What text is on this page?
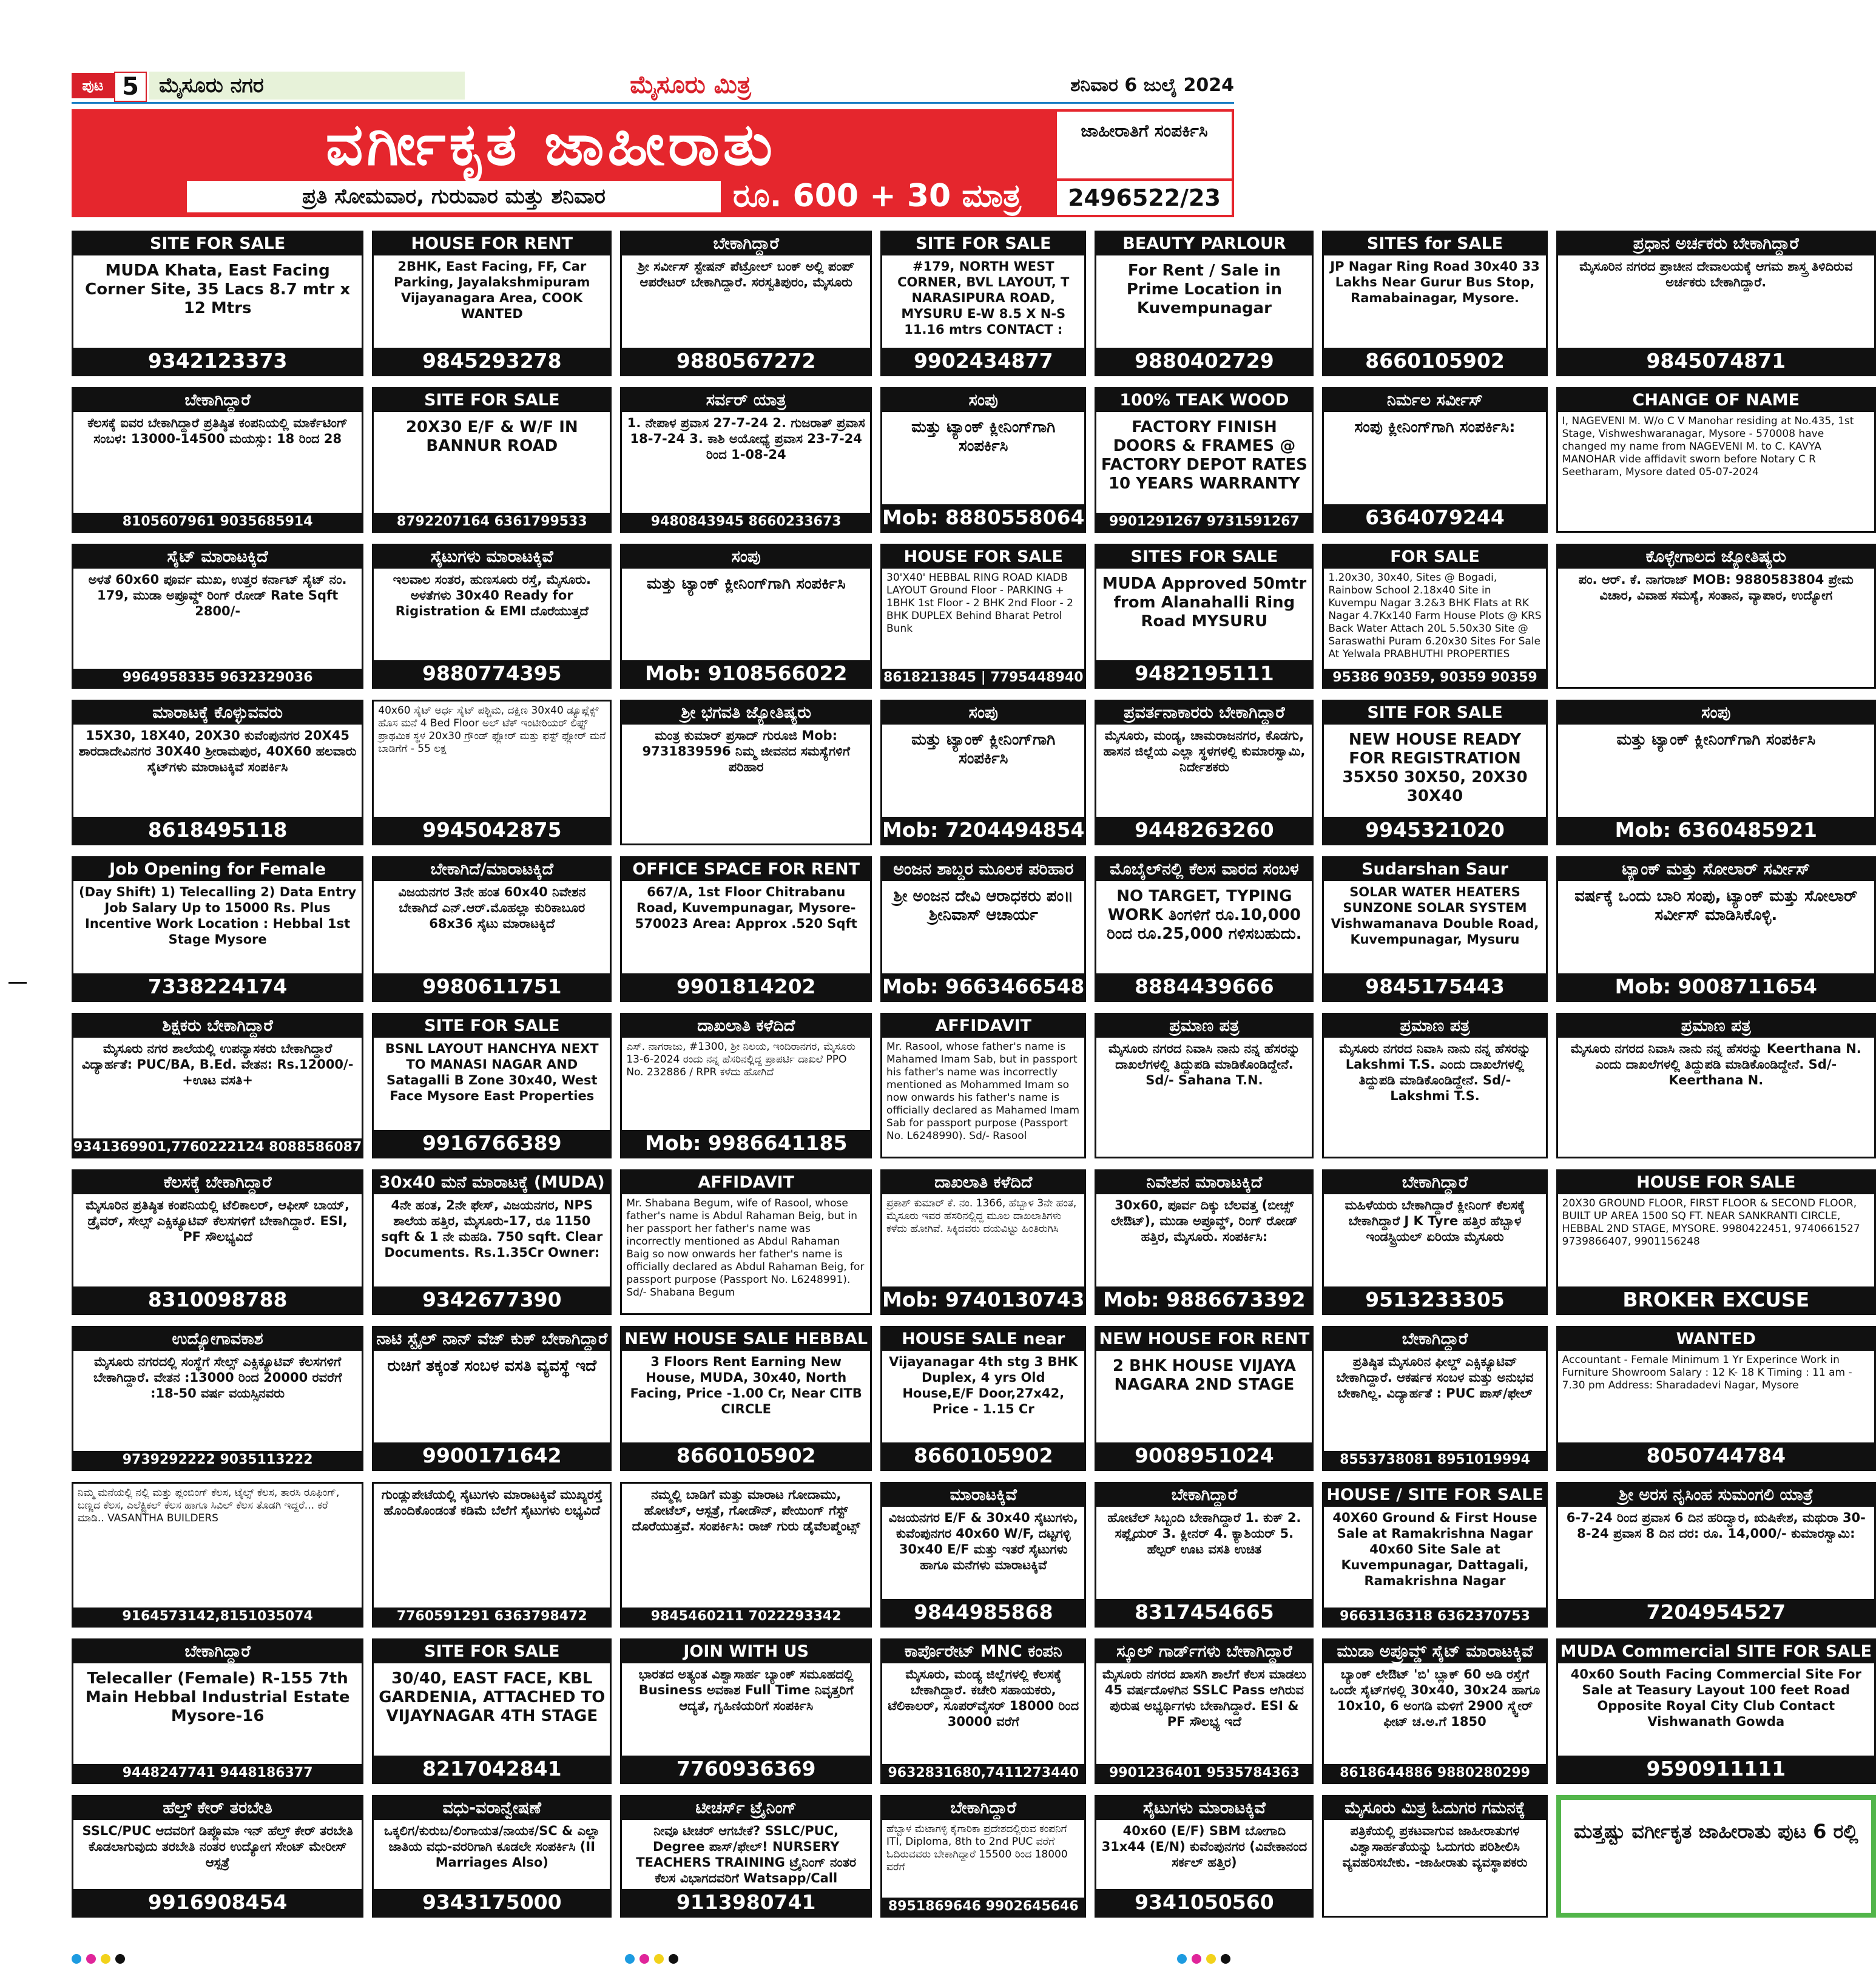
ಪುಟ 5 ಮೈಸೂರು ನಗರ	ಮೈಸೂರು ಮಿತ್ರ	ಶನಿವಾರ 6 ಜುಲೈ 2024
ವರ್ಗೀಕೃತ ಜಾಹೀರಾತು
ಪ್ರತಿ ಸೋಮವಾರ, ಗುರುವಾರ ಮತ್ತು ಶನಿವಾರ	ರೂ. 600 + 30 ಮಾತ್ರ
ಜಾಹೀರಾತಿಗೆ ಸಂಪರ್ಕಿಸಿ
2496522/23
SITE FOR SALE
MUDA Khata, East Facing Corner Site, 35 Lacs 8.7 mtr x 12 Mtrs
9342123373
HOUSE FOR RENT
2BHK, East Facing, FF, Car Parking, Jayalakshmipuram Vijayanagara Area, COOK WANTED
9845293278
ಬೇಕಾಗಿದ್ದಾರೆ
ಶ್ರೀ ಸರ್ವೀಸ್ ಸ್ಟೇಷನ್ ಪೆಟ್ರೋಲ್ ಬಂಕ್ ಅಲ್ಲಿ ಪಂಪ್ ಆಪರೇಟರ್ ಬೇಕಾಗಿದ್ದಾರೆ. ಸರಸ್ವತಿಪುರಂ, ಮೈಸೂರು
9880567272
SITE FOR SALE
#179, NORTH WEST CORNER, BVL LAYOUT, T NARASIPURA ROAD, MYSURU E-W 8.5 X N-S 11.16 mtrs CONTACT :
9902434877
BEAUTY PARLOUR
For Rent / Sale in Prime Location in Kuvempunagar
9880402729
SITES for SALE
JP Nagar Ring Road 30x40 33 Lakhs Near Gurur Bus Stop, Ramabainagar, Mysore.
8660105902
ಪ್ರಧಾನ ಅರ್ಚಕರು ಬೇಕಾಗಿದ್ದಾರೆ
ಮೈಸೂರಿನ ನಗರದ ಪ್ರಾಚೀನ ದೇವಾಲಯಕ್ಕೆ ಆಗಮ ಶಾಸ್ತ್ರ ತಿಳಿದಿರುವ ಅರ್ಚಕರು ಬೇಕಾಗಿದ್ದಾರೆ.
9845074871
ಬೇಕಾಗಿದ್ದಾರೆ
ಕೆಲಸಕ್ಕೆ ಐವರ ಬೇಕಾಗಿದ್ದಾರೆ ಪ್ರತಿಷ್ಠಿತ ಕಂಪನಿಯಲ್ಲಿ ಮಾರ್ಕೆಟಿಂಗ್ ಸಂಬಳ: 13000-14500 ಮಯಸ್ಸು: 18 ರಿಂದ 28
8105607961 9035685914
SITE FOR SALE
20X30 E/F & W/F IN BANNUR ROAD
8792207164 6361799533
ಸರ್ವರ್ ಯಾತ್ರ
1. ನೇಪಾಳ ಪ್ರವಾಸ 27-7-24 2. ಗುಜರಾತ್ ಪ್ರವಾಸ 18-7-24 3. ಕಾಶಿ ಅಯೋಧ್ಯೆ ಪ್ರವಾಸ 23-7-24 ರಿಂದ 1-08-24
9480843945 8660233673
ಸಂಪು
ಮತ್ತು ಟ್ಯಾಂಕ್ ಕ್ಲೀನಿಂಗ್‌ಗಾಗಿ ಸಂಪರ್ಕಿಸಿ
Mob: 8880558064
100% TEAK WOOD
FACTORY FINISH DOORS & FRAMES @ FACTORY DEPOT RATES 10 YEARS WARRANTY
9901291267 9731591267
ನಿರ್ಮಲ ಸರ್ವೀಸ್
ಸಂಪು ಕ್ಲೀನಿಂಗ್‌ಗಾಗಿ ಸಂಪರ್ಕಿಸಿ:
6364079244
CHANGE OF NAME
I, NAGEVENI M. W/o C V Manohar residing at No.435, 1st Stage, Vishweshwaranagar, Mysore - 570008 have changed my name from NAGEVENI M. to C. KAVYA MANOHAR vide affidavit sworn before Notary C R Seetharam, Mysore dated 05-07-2024
ಸೈಟ್ ಮಾರಾಟಕ್ಕಿದೆ
ಅಳತೆ 60x60 ಪೂರ್ವ ಮುಖ, ಉತ್ತರ ಕರ್ನಾಟ್ ಸೈಟ್ ನಂ. 179, ಮುಡಾ ಅಪ್ರೂವ್ಡ್ ರಿಂಗ್ ರೋಡ್ Rate Sqft 2800/-
9964958335 9632329036
ಸೈಟುಗಳು ಮಾರಾಟಕ್ಕಿವೆ
ಇಲವಾಲ ಸಂತರ, ಹುಣಸೂರು ರಸ್ತೆ, ಮೈಸೂರು. ಅಳತೆಗಳು 30x40 Ready for Rigistration & EMI ದೊರೆಯುತ್ತದೆ
9880774395
ಸಂಪು
ಮತ್ತು ಟ್ಯಾಂಕ್ ಕ್ಲೀನಿಂಗ್‌ಗಾಗಿ ಸಂಪರ್ಕಿಸಿ
Mob: 9108566022
HOUSE FOR SALE
30'X40' HEBBAL RING ROAD KIADB LAYOUT Ground Floor - PARKING + 1BHK 1st Floor - 2 BHK 2nd Floor - 2 BHK DUPLEX Behind Bharat Petrol Bunk
8618213845 | 7795448940
SITES FOR SALE
MUDA Approved 50mtr from Alanahalli Ring Road MYSURU
9482195111
FOR SALE
1.20x30, 30x40, Sites @ Bogadi, Rainbow School 2.18x40 Site in Kuvempu Nagar 3.2&3 BHK Flats at RK Nagar 4.7Kx140 Farm House Plots @ KRS Back Water Attach 20L 5.50x30 Site @ Saraswathi Puram 6.20x30 Sites For Sale At Yelwala PRABHUTHI PROPERTIES
95386 90359, 90359 90359
ಕೊಳ್ಳೇಗಾಲದ ಜ್ಯೋತಿಷ್ಯರು
ಪಂ. ಆರ್. ಕೆ. ನಾಗರಾಜ್ MOB: 9880583804 ಪ್ರೇಮ ವಿಚಾರ, ವಿವಾಹ ಸಮಸ್ಯೆ, ಸಂತಾನ, ವ್ಯಾಪಾರ, ಉದ್ಯೋಗ
ಮಾರಾಟಕ್ಕೆ ಕೊಳ್ಳುವವರು
15X30, 18X40, 20X30 ಕುವೆಂಪುನಗರ 20X45 ಶಾರದಾದೇವಿನಗರ 30X40 ಶ್ರೀರಾಮಪುರ, 40X60 ಹಲವಾರು ಸೈಟ್‌ಗಳು ಮಾರಾಟಕ್ಕಿವೆ ಸಂಪರ್ಕಿಸಿ
8618495118
40x60 ಸೈಟ್ ಅರ್ಧ ಸೈಟ್ ಪಶ್ಚಿಮ, ದಕ್ಷಿಣ 30x40 ಡ್ಯೂಪ್ಲೆಕ್ಸ್ ಹೊಸ ಮನೆ 4 Bed Floor ಅಲ್ ಟೆಕ್ ಇಂಟೀರಿಯರ್ ಲಿಫ್ಟ್ ಪ್ರಾಥಮಿಕ ಸ್ಥಳ 20x30 ಗ್ರೌಂಡ್ ಫ್ಲೋರ್ ಮತ್ತು ಫಸ್ಟ್ ಫ್ಲೋರ್ ಮನೆ ಬಾಡಿಗೆಗೆ - 55 ಲಕ್ಷ
9945042875
ಶ್ರೀ ಭಗವತಿ ಜ್ಯೋತಿಷ್ಯರು
ಮಂತ್ರ ಕುಮಾರ್ ಪ್ರಸಾದ್ ಗುರೂಜಿ Mob: 9731839596 ನಿಮ್ಮ ಜೀವನದ ಸಮಸ್ಯೆಗಳಿಗೆ ಪರಿಹಾರ
ಸಂಪು
ಮತ್ತು ಟ್ಯಾಂಕ್ ಕ್ಲೀನಿಂಗ್‌ಗಾಗಿ ಸಂಪರ್ಕಿಸಿ
Mob: 7204494854
ಪ್ರವರ್ತನಾಕಾರರು ಬೇಕಾಗಿದ್ದಾರೆ
ಮೈಸೂರು, ಮಂಡ್ಯ, ಚಾಮರಾಜನಗರ, ಕೊಡಗು, ಹಾಸನ ಜಿಲ್ಲೆಯ ಎಲ್ಲಾ ಸ್ಥಳಗಳಲ್ಲಿ ಕುಮಾರಸ್ವಾಮಿ, ನಿರ್ದೇಶಕರು
9448263260
SITE FOR SALE
NEW HOUSE READY FOR REGISTRATION 35X50 30X50, 20X30 30X40
9945321020
ಸಂಪು
ಮತ್ತು ಟ್ಯಾಂಕ್ ಕ್ಲೀನಿಂಗ್‌ಗಾಗಿ ಸಂಪರ್ಕಿಸಿ
Mob: 6360485921
Job Opening for Female
(Day Shift) 1) Telecalling 2) Data Entry Job Salary Up to 15000 Rs. Plus Incentive Work Location : Hebbal 1st Stage Mysore
7338224174
ಬೇಕಾಗಿದೆ/ಮಾರಾಟಕ್ಕಿದೆ
ವಿಜಯನಗರ 3ನೇ ಹಂತ 60x40 ನಿವೇಶನ ಬೇಕಾಗಿದೆ ಎನ್.ಆರ್.ಮೊಹಲ್ಲಾ ಕುರಿಕಾಬೂರ 68x36 ಸೈಟು ಮಾರಾಟಕ್ಕಿದೆ
9980611751
OFFICE SPACE FOR RENT
667/A, 1st Floor Chitrabanu Road, Kuvempunagar, Mysore-570023 Area: Approx .520 Sqft
9901814202
ಅಂಜನ ಶಾಬ್ದರ ಮೂಲಕ ಪರಿಹಾರ
ಶ್ರೀ ಅಂಜನ ದೇವಿ ಆರಾಧಕರು ಪಂ॥ ಶ್ರೀನಿವಾಸ್ ಆಚಾರ್ಯ
Mob: 9663466548
ಮೊಬೈಲ್‌ನಲ್ಲಿ ಕೆಲಸ ವಾರದ ಸಂಬಳ
NO TARGET, TYPING WORK ತಿಂಗಳಿಗೆ ರೂ.10,000 ರಿಂದ ರೂ.25,000 ಗಳಿಸಬಹುದು.
8884439666
Sudarshan Saur
SOLAR WATER HEATERS SUNZONE SOLAR SYSTEM Vishwamanava Double Road, Kuvempunagar, Mysuru
9845175443
ಟ್ಯಾಂಕ್ ಮತ್ತು ಸೋಲಾರ್ ಸರ್ವೀಸ್
ವರ್ಷಕ್ಕೆ ಒಂದು ಬಾರಿ ಸಂಪು, ಟ್ಯಾಂಕ್ ಮತ್ತು ಸೋಲಾರ್ ಸರ್ವೀಸ್ ಮಾಡಿಸಿಕೊಳ್ಳಿ.
Mob: 9008711654
ಶಿಕ್ಷಕರು ಬೇಕಾಗಿದ್ದಾರೆ
ಮೈಸೂರು ನಗರ ಶಾಲೆಯಲ್ಲಿ ಉಪನ್ಯಾಸಕರು ಬೇಕಾಗಿದ್ದಾರೆ ವಿದ್ಯಾರ್ಹತೆ: PUC/BA, B.Ed. ವೇತನ: Rs.12000/- +ಊಟ ವಸತಿ+
9341369901,7760222124 8088586087
SITE FOR SALE
BSNL LAYOUT HANCHYA NEXT TO MANASI NAGAR AND Satagalli B Zone 30x40, West Face Mysore East Properties
9916766389
ದಾಖಲಾತಿ ಕಳೆದಿದೆ
ಎಸ್. ನಾಗರಾಜು, #1300, ಶ್ರೀ ನಿಲಯ, ಇಂದಿರಾನಗರ, ಮೈಸೂರು 13-6-2024 ರಂದು ನನ್ನ ಹೆಸರಿನಲ್ಲಿದ್ದ ಪ್ರಾಪರ್ಟಿ ದಾಖಲೆ PPO No. 232886 / RPR ಕಳೆದು ಹೋಗಿದೆ
Mob: 9986641185
AFFIDAVIT
Mr. Rasool, whose father's name is Mahamed Imam Sab, but in passport his father's name was incorrectly mentioned as Mohammed Imam so now onwards his father's name is officially declared as Mahamed Imam Sab for passport purpose (Passport No. L6248990). Sd/- Rasool
ಪ್ರಮಾಣ ಪತ್ರ
ಮೈಸೂರು ನಗರದ ನಿವಾಸಿ ನಾನು ನನ್ನ ಹೆಸರನ್ನು ದಾಖಲೆಗಳಲ್ಲಿ ತಿದ್ದುಪಡಿ ಮಾಡಿಕೊಂಡಿದ್ದೇನೆ. Sd/- Sahana T.N.
ಪ್ರಮಾಣ ಪತ್ರ
ಮೈಸೂರು ನಗರದ ನಿವಾಸಿ ನಾನು ನನ್ನ ಹೆಸರನ್ನು Lakshmi T.S. ಎಂದು ದಾಖಲೆಗಳಲ್ಲಿ ತಿದ್ದುಪಡಿ ಮಾಡಿಕೊಂಡಿದ್ದೇನೆ. Sd/- Lakshmi T.S.
ಪ್ರಮಾಣ ಪತ್ರ
ಮೈಸೂರು ನಗರದ ನಿವಾಸಿ ನಾನು ನನ್ನ ಹೆಸರನ್ನು Keerthana N. ಎಂದು ದಾಖಲೆಗಳಲ್ಲಿ ತಿದ್ದುಪಡಿ ಮಾಡಿಕೊಂಡಿದ್ದೇನೆ. Sd/- Keerthana N.
ಕೆಲಸಕ್ಕೆ ಬೇಕಾಗಿದ್ದಾರೆ
ಮೈಸೂರಿನ ಪ್ರತಿಷ್ಠಿತ ಕಂಪನಿಯಲ್ಲಿ ಟೆಲಿಕಾಲರ್, ಆಫೀಸ್ ಬಾಯ್, ಡ್ರೈವರ್, ಸೇಲ್ಸ್ ಎಕ್ಸಿಕ್ಯೂಟಿವ್ ಕೆಲಸಗಳಿಗೆ ಬೇಕಾಗಿದ್ದಾರೆ. ESI, PF ಸೌಲಭ್ಯವಿದೆ
8310098788
30x40 ಮನೆ ಮಾರಾಟಕ್ಕೆ (MUDA)
4ನೇ ಹಂತ, 2ನೇ ಫೇಸ್, ವಿಜಯನಗರ, NPS ಶಾಲೆಯ ಹತ್ತಿರ, ಮೈಸೂರು-17, ರೂ 1150 sqft & 1 ನೇ ಮಹಡಿ. 750 sqft. Clear Documents. Rs.1.35Cr Owner:
9342677390
AFFIDAVIT
Mr. Shabana Begum, wife of Rasool, whose father's name is Abdul Rahaman Beig, but in her passport her father's name was incorrectly mentioned as Abdul Rahaman Baig so now onwards her father's name is officially declared as Abdul Rahaman Beig, for passport purpose (Passport No. L6248991). Sd/- Shabana Begum
ದಾಖಲಾತಿ ಕಳೆದಿದೆ
ಪ್ರಕಾಶ್ ಕುಮಾರ್ ಕೆ. ನಂ. 1366, ಹೆಬ್ಬಾಳ 3ನೇ ಹಂತ, ಮೈಸೂರು ಇವರ ಹೆಸರಿನಲ್ಲಿದ್ದ ಮೂಲ ದಾಖಲಾತಿಗಳು ಕಳೆದು ಹೋಗಿವೆ. ಸಿಕ್ಕಿದವರು ದಯವಿಟ್ಟು ಹಿಂತಿರುಗಿಸಿ
Mob: 9740130743
ನಿವೇಶನ ಮಾರಾಟಕ್ಕಿದೆ
30x60, ಪೂರ್ವ ದಿಕ್ಕು ಬೆಲವತ್ತ (ಬೀಚ್ಸ್ ಲೇಔಟ್), ಮುಡಾ ಅಪ್ರೂವ್ಡ್, ರಿಂಗ್ ರೋಡ್ ಹತ್ತಿರ, ಮೈಸೂರು. ಸಂಪರ್ಕಿಸಿ:
Mob: 9886673392
ಬೇಕಾಗಿದ್ದಾರೆ
ಮಹಿಳೆಯರು ಬೇಕಾಗಿದ್ದಾರೆ ಕ್ಲೀನಿಂಗ್ ಕೆಲಸಕ್ಕೆ ಬೇಕಾಗಿದ್ದಾರೆ J K Tyre ಹತ್ತಿರ ಹೆಬ್ಬಾಳ ಇಂಡಸ್ಟ್ರಿಯಲ್ ಏರಿಯಾ ಮೈಸೂರು
9513233305
HOUSE FOR SALE
20X30 GROUND FLOOR, FIRST FLOOR & SECOND FLOOR, BUILT UP AREA 1500 SQ FT. NEAR SANKRANTI CIRCLE, HEBBAL 2ND STAGE, MYSORE. 9980422451, 9740661527 9739866407, 9901156248
BROKER EXCUSE
ಉದ್ಯೋಗಾವಕಾಶ
ಮೈಸೂರು ನಗರದಲ್ಲಿ ಸಂಸ್ಥೆಗೆ ಸೇಲ್ಸ್ ಎಕ್ಸಿಕ್ಯೂಟಿವ್ ಕೆಲಸಗಳಿಗೆ ಬೇಕಾಗಿದ್ದಾರೆ. ವೇತನ :13000 ರಿಂದ 20000 ರವರೆಗೆ :18-50 ವರ್ಷ ವಯಸ್ಸಿನವರು
9739292222 9035113222
ನಾಟಿ ಸ್ಟೈಲ್ ನಾನ್ ವೆಜ್ ಕುಕ್ ಬೇಕಾಗಿದ್ದಾರೆ
ರುಚಿಗೆ ತಕ್ಕಂತೆ ಸಂಬಳ ವಸತಿ ವ್ಯವಸ್ಥೆ ಇದೆ
9900171642
NEW HOUSE SALE HEBBAL
3 Floors Rent Earning New House, MUDA, 30x40, North Facing, Price -1.00 Cr, Near CITB CIRCLE
8660105902
HOUSE SALE near
Vijayanagar 4th stg 3 BHK Duplex, 4 yrs Old House,E/F Door,27x42, Price - 1.15 Cr
8660105902
NEW HOUSE FOR RENT
2 BHK HOUSE VIJAYA NAGARA 2ND STAGE
9008951024
ಬೇಕಾಗಿದ್ದಾರೆ
ಪ್ರತಿಷ್ಠಿತ ಮೈಸೂರಿನ ಫೀಲ್ಡ್ ಎಕ್ಸಿಕ್ಯೂಟಿವ್ ಬೇಕಾಗಿದ್ದಾರೆ. ಆಕರ್ಷಕ ಸಂಬಳ ಮತ್ತು ಅನುಭವ ಬೇಕಾಗಿಲ್ಲ. ವಿದ್ಯಾರ್ಹತೆ : PUC ಪಾಸ್/ಫೇಲ್
8553738081 8951019994
WANTED
Accountant - Female Minimum 1 Yr Experince Work in Furniture Showroom Salary : 12 K- 18 K Timing : 11 am - 7.30 pm Address: Sharadadevi Nagar, Mysore
8050744784
ನಿಮ್ಮ ಮನೆಯಲ್ಲಿ ನಲ್ಲಿ ಮತ್ತು ಪ್ಲಂಬಿಂಗ್ ಕೆಲಸ, ಟೈಲ್ಸ್ ಕೆಲಸ, ತಾರಸಿ ರೂಫಿಂಗ್, ಬಣ್ಣದ ಕೆಲಸ, ಎಲೆಕ್ಟ್ರಿಕಲ್ ಕೆಲಸ ಹಾಗೂ ಸಿವಿಲ್ ಕೆಲಸ ತೊಡಗಿ ಇದ್ದರೆ... ಕರೆ ಮಾಡಿ.. VASANTHA BUILDERS
9164573142,8151035074
ಗುಂಡ್ಲುಪೇಟೆಯಲ್ಲಿ ಸೈಟುಗಳು ಮಾರಾಟಕ್ಕಿವೆ ಮುಖ್ಯರಸ್ತೆ ಹೊಂದಿಕೊಂಡಂತೆ ಕಡಿಮೆ ಬೆಲೆಗೆ ಸೈಟುಗಳು ಲಭ್ಯವಿದೆ
7760591291 6363798472
ನಮ್ಮಲ್ಲಿ ಬಾಡಿಗೆ ಮತ್ತು ಮಾರಾಟ ಗೋದಾಮು, ಹೋಟೆಲ್, ಆಸ್ಪತ್ರೆ, ಗೋಡೌನ್, ಪೇಯಿಂಗ್ ಗೆಸ್ಟ್ ದೊರೆಯುತ್ತವೆ. ಸಂಪರ್ಕಿಸಿ: ರಾಜ್ ಗುರು ಡೈವೆಲಪ್ಮೆಂಟ್ಸ್
9845460211 7022293342
ಮಾರಾಟಕ್ಕಿವೆ
ವಿಜಯನಗರ E/F & 30x40 ಸೈಟುಗಳು, ಕುವೆಂಪುನಗರ 40x60 W/F, ದಟ್ಟಗಳ್ಳಿ 30x40 E/F ಮತ್ತು ಇತರೆ ಸೈಟುಗಳು ಹಾಗೂ ಮನೆಗಳು ಮಾರಾಟಕ್ಕಿವೆ
9844985868
ಬೇಕಾಗಿದ್ದಾರೆ
ಹೋಟೆಲ್ ಸಿಬ್ಬಂದಿ ಬೇಕಾಗಿದ್ದಾರೆ 1. ಕುಕ್ 2. ಸಪ್ಲೈಯರ್ 3. ಕ್ಲೀನರ್ 4. ಕ್ಯಾಶಿಯರ್ 5. ಹೆಲ್ಪರ್ ಊಟ ವಸತಿ ಉಚಿತ
8317454665
HOUSE / SITE FOR SALE
40X60 Ground & First House Sale at Ramakrishna Nagar 40x60 Site Sale at Kuvempunagar, Dattagali, Ramakrishna Nagar
9663136318 6362370753
ಶ್ರೀ ಅರಸ ನೃಸಿಂಹ ಸುಮಂಗಲಿ ಯಾತ್ರೆ
6-7-24 ರಿಂದ ಪ್ರವಾಸ 6 ದಿನ ಹರಿದ್ವಾರ, ಋಷಿಕೇಶ, ಮಥುರಾ 30-8-24 ಪ್ರವಾಸ 8 ದಿನ ದರ: ರೂ. 14,000/- ಕುಮಾರಸ್ವಾಮಿ:
7204954527
ಬೇಕಾಗಿದ್ದಾರೆ
Telecaller (Female) R-155 7th Main Hebbal Industrial Estate Mysore-16
9448247741 9448186377
SITE FOR SALE
30/40, EAST FACE, KBL GARDENIA, ATTACHED TO VIJAYNAGAR 4TH STAGE
8217042841
JOIN WITH US
ಭಾರತದ ಅತ್ಯಂತ ವಿಶ್ವಾಸಾರ್ಹ ಬ್ಯಾಂಕ್ ಸಮೂಹದಲ್ಲಿ Business ಅವಕಾಶ Full Time ನಿವೃತ್ತರಿಗೆ ಆದ್ಯತೆ, ಗೃಹಿಣಿಯರಿಗೆ ಸಂಪರ್ಕಿಸಿ
7760936369
ಕಾರ್ಪೊರೇಟ್ MNC ಕಂಪನಿ
ಮೈಸೂರು, ಮಂಡ್ಯ ಜಿಲ್ಲೆಗಳಲ್ಲಿ ಕೆಲಸಕ್ಕೆ ಬೇಕಾಗಿದ್ದಾರೆ. ಕಚೇರಿ ಸಹಾಯಕರು, ಟೆಲಿಕಾಲರ್, ಸೂಪರ್‌ವೈಸರ್ 18000 ರಿಂದ 30000 ವರೆಗೆ
9632831680,7411273440
ಸ್ಕೂಲ್ ಗಾರ್ಡ್‌ಗಳು ಬೇಕಾಗಿದ್ದಾರೆ
ಮೈಸೂರು ನಗರದ ಖಾಸಗಿ ಶಾಲೆಗೆ ಕೆಲಸ ಮಾಡಲು 45 ವರ್ಷದೊಳಗಿನ SSLC Pass ಆಗಿರುವ ಪುರುಷ ಅಭ್ಯರ್ಥಿಗಳು ಬೇಕಾಗಿದ್ದಾರೆ. ESI & PF ಸೌಲಭ್ಯ ಇದೆ
9901236401 9535784363
ಮುಡಾ ಅಪ್ರೂವ್ಡ್ ಸೈಟ್ ಮಾರಾಟಕ್ಕಿವೆ
ಬ್ಯಾಂಕ್ ಲೇಔಟ್ 'ಬಿ' ಬ್ಲಾಕ್ 60 ಅಡಿ ರಸ್ತೆಗೆ ಒಂದೇ ಸೈಟ್‌ಗಳಲ್ಲಿ 30x40, 30x24 ಹಾಗೂ 10x10, 6 ಅಂಗಡಿ ಮಳಿಗೆ 2900 ಸ್ಕ್ವೇರ್ ಫೀಟ್ ಚ.ಅ.ಗೆ 1850
8618644886 9880280299
MUDA Commercial SITE FOR SALE
40x60 South Facing Commercial Site For Sale at Teasury Layout 100 feet Road Opposite Royal City Club Contact Vishwanath Gowda
9590911111
ಹೆಲ್ತ್ ಕೇರ್ ತರಬೇತಿ
SSLC/PUC ಆದವರಿಗೆ ಡಿಪ್ಲೊಮಾ ಇನ್ ಹೆಲ್ತ್ ಕೇರ್ ತರಬೇತಿ ಕೊಡಲಾಗುವುದು ತರಬೇತಿ ನಂತರ ಉದ್ಯೋಗ ಸೇಂಟ್ ಮೇರೀಸ್ ಆಸ್ಪತ್ರೆ
9916908454
ವಧು-ವರಾನ್ವೇಷಣೆ
ಒಕ್ಕಲಿಗ/ಕುರುಬ/ಲಿಂಗಾಯತ/ನಾಯಕ/SC & ಎಲ್ಲಾ ಜಾತಿಯ ವಧು-ವರರಿಗಾಗಿ ಕೂಡಲೇ ಸಂಪರ್ಕಿಸಿ (II Marriages Also)
9343175000
ಟೀಚರ್ಸ್ ಟ್ರೈನಿಂಗ್
ನೀವೂ ಟೀಚರ್ ಆಗಬೇಕೆ? SSLC/PUC, Degree ಪಾಸ್/ಫೇಲ್! NURSERY TEACHERS TRAINING ಟ್ರೈನಿಂಗ್ ನಂತರ ಕೆಲಸ ವಿಭಾಗದವರಿಗೆ Watsapp/Call
9113980741
ಬೇಕಾಗಿದ್ದಾರೆ
ಹೆಬ್ಬಾಳ ಮೆಟಾಗಳ್ಳಿ ಕೈಗಾರಿಕಾ ಪ್ರದೇಶದಲ್ಲಿರುವ ಕಂಪನಿಗೆ ITI, Diploma, 8th to 2nd PUC ವರೆಗೆ ಓದಿರುವವರು ಬೇಕಾಗಿದ್ದಾರೆ 15500 ರಿಂದ 18000 ವರೆಗೆ
8951869646 9902645646
ಸೈಟುಗಳು ಮಾರಾಟಕ್ಕಿವೆ
40x60 (E/F) SBM ಬೋಗಾದಿ 31x44 (E/N) ಕುವೆಂಪುನಗರ (ವಿವೇಕಾನಂದ ಸರ್ಕಲ್ ಹತ್ತಿರ)
9341050560
ಮೈಸೂರು ಮಿತ್ರ ಓದುಗರ ಗಮನಕ್ಕೆ
ಪತ್ರಿಕೆಯಲ್ಲಿ ಪ್ರಕಟವಾಗುವ ಜಾಹೀರಾತುಗಳ ವಿಶ್ವಾಸಾರ್ಹತೆಯನ್ನು ಓದುಗರು ಪರಿಶೀಲಿಸಿ ವ್ಯವಹರಿಸಬೇಕು. -ಜಾಹೀರಾತು ವ್ಯವಸ್ಥಾಪಕರು
ಮತ್ತಷ್ಟು ವರ್ಗೀಕೃತ ಜಾಹೀರಾತು ಪುಟ 6 ರಲ್ಲಿ
